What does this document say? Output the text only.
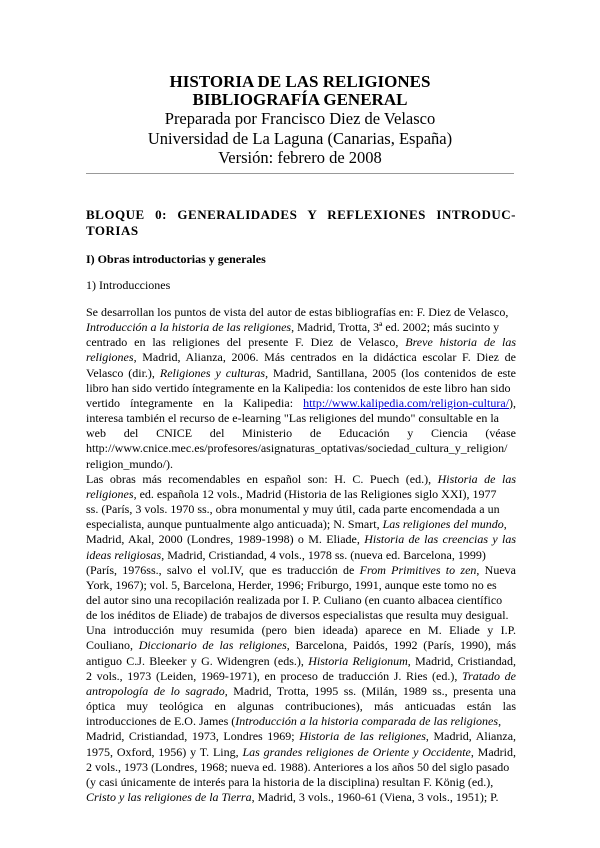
HISTORIA DE LAS RELIGIONES
BIBLIOGRAFÍA GENERAL
Preparada por Francisco Diez de Velasco
Universidad de La Laguna (Canarias, España)
Versión: febrero de 2008
BLOQUE 0: GENERALIDADES Y REFLEXIONES INTRODUC-TORIAS
I) Obras introductorias y generales
1) Introducciones
Se desarrollan los puntos de vista del autor de estas bibliografías en: F. Diez de Velasco,
Introducción a la historia de las religiones, Madrid, Trotta, 3ª ed. 2002; más sucinto y
centrado en las religiones del presente F. Diez de Velasco, Breve historia de las
religiones, Madrid, Alianza, 2006. Más centrados en la didáctica escolar F. Diez de
Velasco (dir.), Religiones y culturas, Madrid, Santillana, 2005 (los contenidos de este
libro han sido vertido íntegramente en la Kalipedia: los contenidos de este libro han sido
vertido íntegramente en la Kalipedia: http://www.kalipedia.com/religion-cultura/),
interesa también el recurso de e-learning "Las religiones del mundo" consultable en la
web del CNICE del Ministerio de Educación y Ciencia (véase
http://www.cnice.mec.es/profesores/asignaturas_optativas/sociedad_cultura_y_religion/
religion_mundo/).
Las obras más recomendables en español son: H. C. Puech (ed.), Historia de las
religiones, ed. española 12 vols., Madrid (Historia de las Religiones siglo XXI), 1977
ss. (París, 3 vols. 1970 ss., obra monumental y muy útil, cada parte encomendada a un
especialista, aunque puntualmente algo anticuada); N. Smart, Las religiones del mundo,
Madrid, Akal, 2000 (Londres, 1989-1998) o M. Eliade, Historia de las creencias y las
ideas religiosas, Madrid, Cristiandad, 4 vols., 1978 ss. (nueva ed. Barcelona, 1999)
(París, 1976ss., salvo el vol.IV, que es traducción de From Primitives to zen, Nueva
York, 1967); vol. 5, Barcelona, Herder, 1996; Friburgo, 1991, aunque este tomo no es
del autor sino una recopilación realizada por I. P. Culiano (en cuanto albacea científico
de los inéditos de Eliade) de trabajos de diversos especialistas que resulta muy desigual.
Una introducción muy resumida (pero bien ideada) aparece en M. Eliade y I.P.
Couliano, Diccionario de las religiones, Barcelona, Paidós, 1992 (París, 1990), más
antiguo C.J. Bleeker y G. Widengren (eds.), Historia Religionum, Madrid, Cristiandad,
2 vols., 1973 (Leiden, 1969-1971), en proceso de traducción J. Ries (ed.), Tratado de
antropología de lo sagrado, Madrid, Trotta, 1995 ss. (Milán, 1989 ss., presenta una
óptica muy teológica en algunas contribuciones), más anticuadas están las
introducciones de E.O. James (Introducción a la historia comparada de las religiones,
Madrid, Cristiandad, 1973, Londres 1969; Historia de las religiones, Madrid, Alianza,
1975, Oxford, 1956) y T. Ling, Las grandes religiones de Oriente y Occidente, Madrid,
2 vols., 1973 (Londres, 1968; nueva ed. 1988). Anteriores a los años 50 del siglo pasado
(y casi únicamente de interés para la historia de la disciplina) resultan F. König (ed.),
Cristo y las religiones de la Tierra, Madrid, 3 vols., 1960-61 (Viena, 3 vols., 1951); P.
